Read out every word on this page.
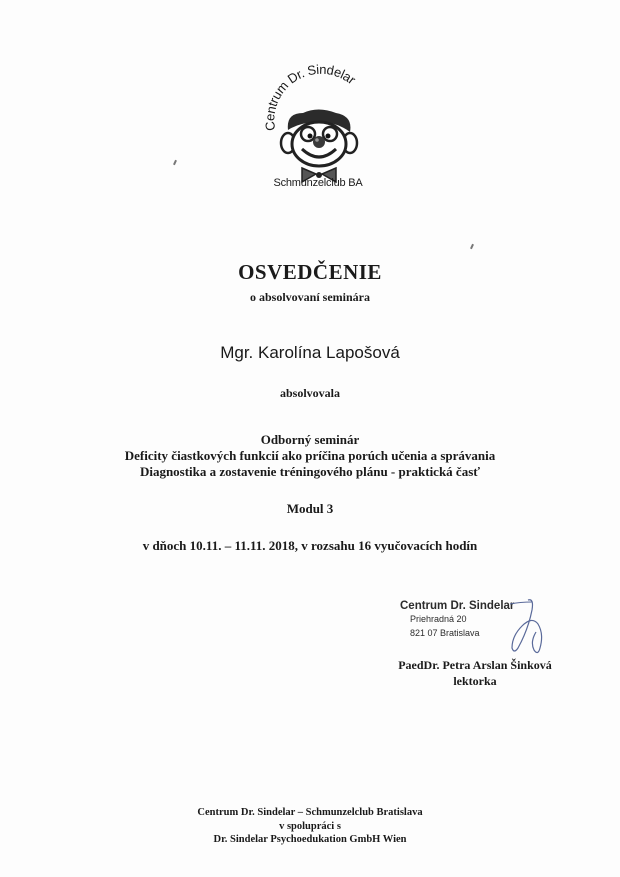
Centrum Dr. Sindelar
Schmunzelclub BA
OSVEDČENIE
o absolvovaní seminára
Mgr. Karolína Lapošová
absolvovala
Odborný seminár
Deficity čiastkových funkcií ako príčina porúch učenia a správania
Diagnostika a zostavenie tréningového plánu - praktická časť
Modul 3
v dňoch 10.11. – 11.11. 2018, v rozsahu 16 vyučovacích hodín
Centrum Dr. Sindelar
Priehradná 20
821 07 Bratislava
PaedDr. Petra Arslan Šinková
lektorka
Centrum Dr. Sindelar – Schmunzelclub Bratislava
v spolupráci s
Dr. Sindelar Psychoedukation GmbH Wien
